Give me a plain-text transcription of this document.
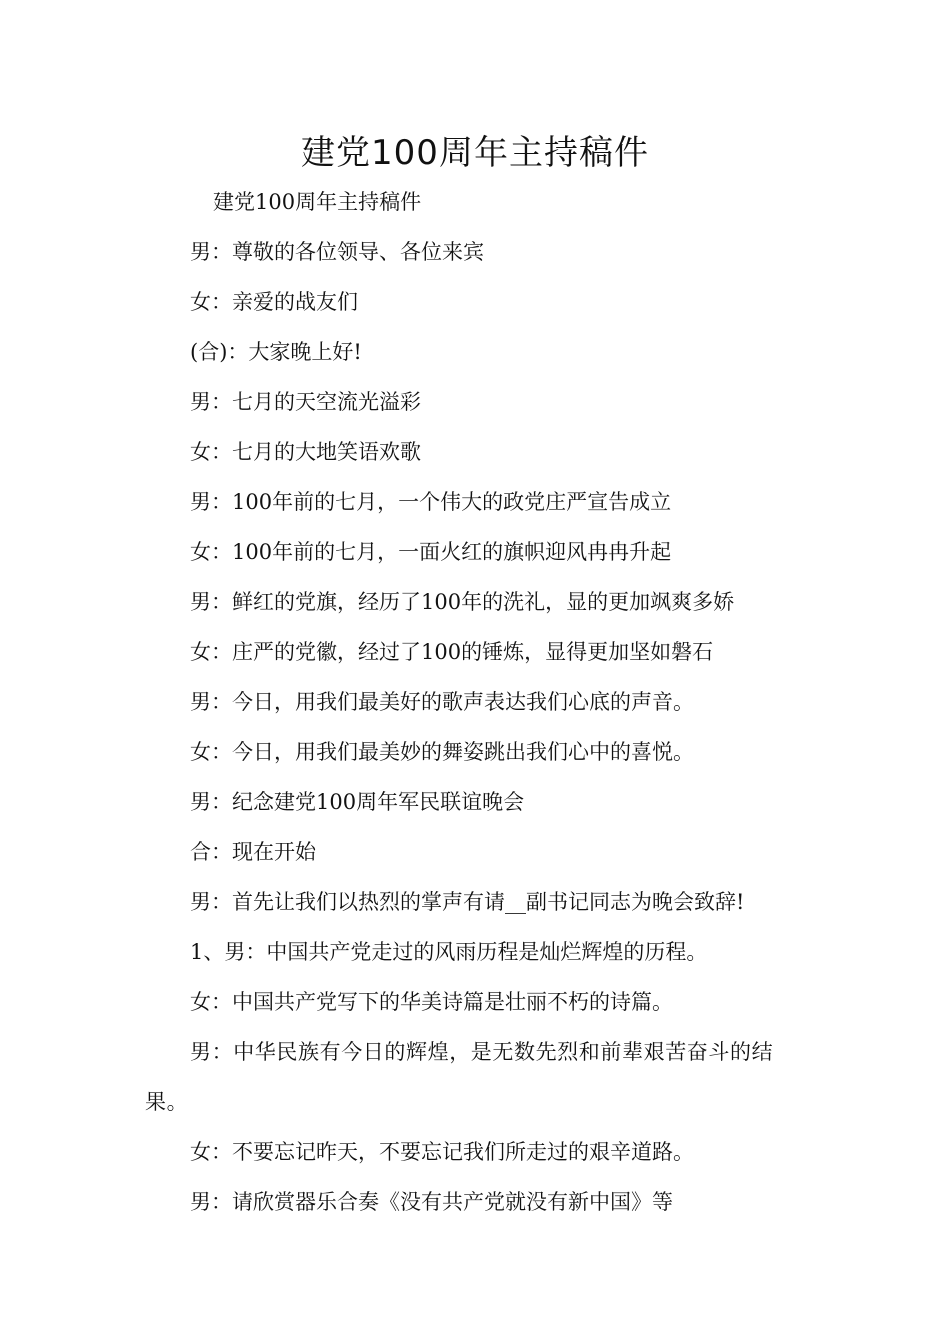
建党100周年主持稿件

建党100周年主持稿件

男：尊敬的各位领导、各位来宾

女：亲爱的战友们

(合)：大家晚上好!

男：七月的天空流光溢彩

女：七月的大地笑语欢歌

男：100年前的七月，一个伟大的政党庄严宣告成立

女：100年前的七月，一面火红的旗帜迎风冉冉升起

男：鲜红的党旗，经历了100年的洗礼，显的更加飒爽多娇

女：庄严的党徽，经过了100的锤炼，显得更加坚如磐石

男：今日，用我们最美好的歌声表达我们心底的声音。

女：今日，用我们最美妙的舞姿跳出我们心中的喜悦。

男：纪念建党100周年军民联谊晚会

合：现在开始

男：首先让我们以热烈的掌声有请__副书记同志为晚会致辞!

1、男：中国共产党走过的风雨历程是灿烂辉煌的历程。

女：中国共产党写下的华美诗篇是壮丽不朽的诗篇。

男：中华民族有今日的辉煌，是无数先烈和前辈艰苦奋斗的结果。

女：不要忘记昨天，不要忘记我们所走过的艰辛道路。

男：请欣赏器乐合奏《没有共产党就没有新中国》等
